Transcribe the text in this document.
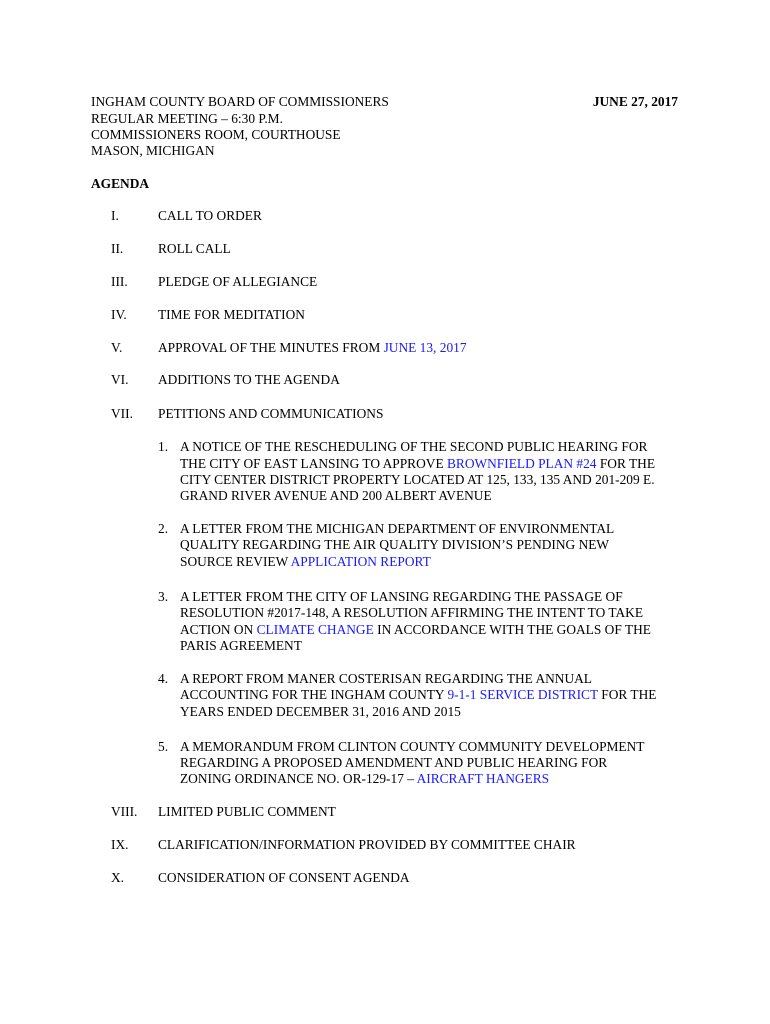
INGHAM COUNTY BOARD OF COMMISSIONERS	JUNE 27, 2017
REGULAR MEETING – 6:30 P.M.
COMMISSIONERS ROOM, COURTHOUSE
MASON, MICHIGAN
AGENDA
I.	CALL TO ORDER
II.	ROLL CALL
III. PLEDGE OF ALLEGIANCE
IV. TIME FOR MEDITATION
V.	APPROVAL OF THE MINUTES FROM JUNE 13, 2017
VI. ADDITIONS TO THE AGENDA
VII. PETITIONS AND COMMUNICATIONS
1. A NOTICE OF THE RESCHEDULING OF THE SECOND PUBLIC HEARING FOR
THE CITY OF EAST LANSING TO APPROVE BROWNFIELD PLAN #24 FOR THE
CITY CENTER DISTRICT PROPERTY LOCATED AT 125, 133, 135 AND 201-209 E.
GRAND RIVER AVENUE AND 200 ALBERT AVENUE
2. A LETTER FROM THE MICHIGAN DEPARTMENT OF ENVIRONMENTAL
QUALITY REGARDING THE AIR QUALITY DIVISION’S PENDING NEW
SOURCE REVIEW APPLICATION REPORT
3. A LETTER FROM THE CITY OF LANSING REGARDING THE PASSAGE OF
RESOLUTION #2017-148, A RESOLUTION AFFIRMING THE INTENT TO TAKE
ACTION ON CLIMATE CHANGE IN ACCORDANCE WITH THE GOALS OF THE
PARIS AGREEMENT
4. A REPORT FROM MANER COSTERISAN REGARDING THE ANNUAL
ACCOUNTING FOR THE INGHAM COUNTY 9-1-1 SERVICE DISTRICT FOR THE
YEARS ENDED DECEMBER 31, 2016 AND 2015
5. A MEMORANDUM FROM CLINTON COUNTY COMMUNITY DEVELOPMENT
REGARDING A PROPOSED AMENDMENT AND PUBLIC HEARING FOR
ZONING ORDINANCE NO. OR-129-17 – AIRCRAFT HANGERS
VIII. LIMITED PUBLIC COMMENT
IX. CLARIFICATION/INFORMATION PROVIDED BY COMMITTEE CHAIR
X.	CONSIDERATION OF CONSENT AGENDA
